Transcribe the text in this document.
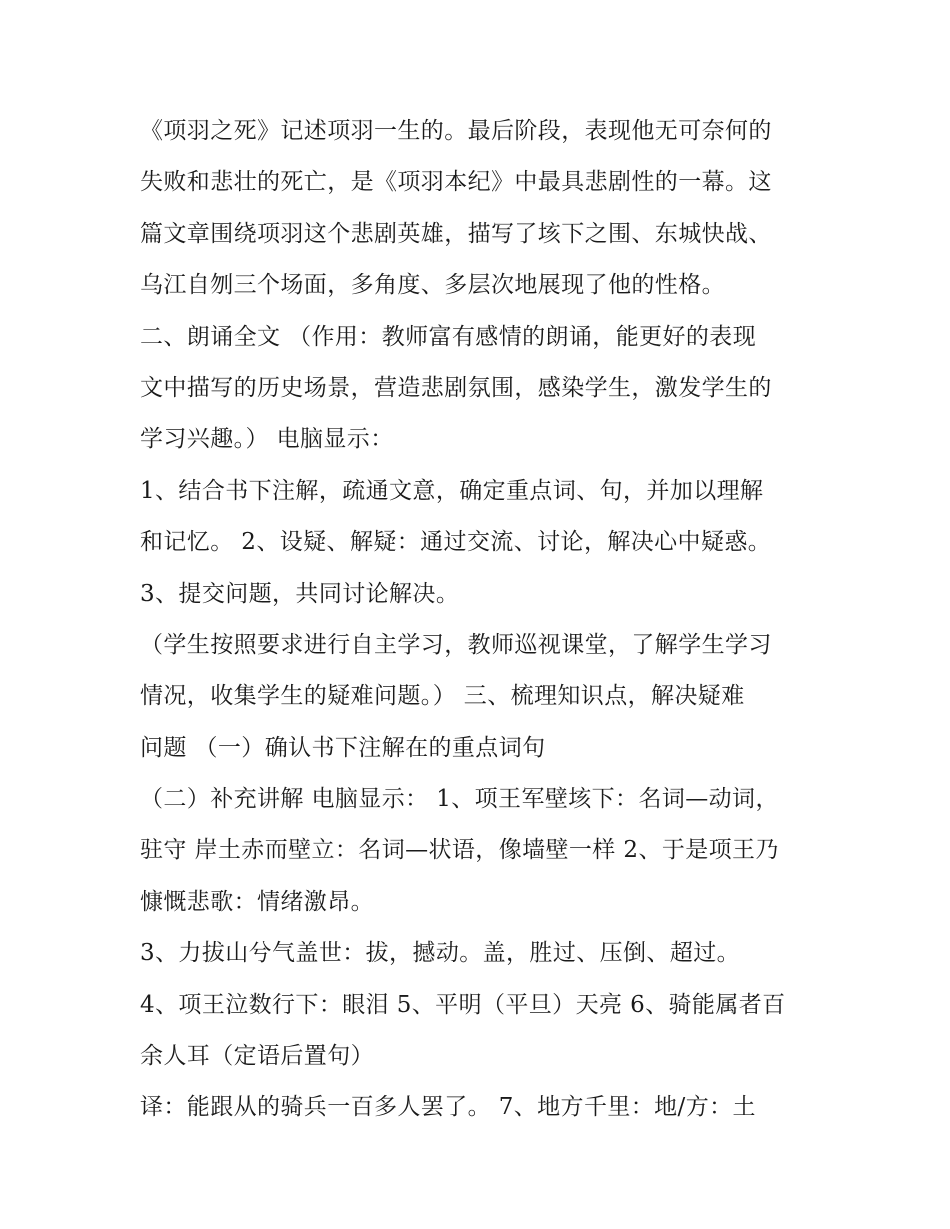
《项羽之死》记述项羽一生的。最后阶段，表现他无可奈何的
失败和悲壮的死亡，是《项羽本纪》中最具悲剧性的一幕。这
篇文章围绕项羽这个悲剧英雄，描写了垓下之围、东城快战、
乌江自刎三个场面，多角度、多层次地展现了他的性格。
二、朗诵全文 （作用：教师富有感情的朗诵，能更好的表现
文中描写的历史场景，营造悲剧氛围，感染学生，激发学生的
学习兴趣。） 电脑显示：
1、结合书下注解，疏通文意，确定重点词、句，并加以理解
和记忆。 2、设疑、解疑：通过交流、讨论，解决心中疑惑。
3、提交问题，共同讨论解决。
（学生按照要求进行自主学习，教师巡视课堂，了解学生学习
情况，收集学生的疑难问题。） 三、梳理知识点，解决疑难
问题 （一）确认书下注解在的重点词句
（二）补充讲解 电脑显示： 1、项王军壁垓下：名词—动词，
驻守 岸土赤而壁立：名词—状语，像墙壁一样 2、于是项王乃
慷慨悲歌：情绪激昂。
3、力拔山兮气盖世：拔，撼动。盖，胜过、压倒、超过。
4、项王泣数行下：眼泪 5、平明（平旦）天亮 6、骑能属者百
余人耳（定语后置句）
译：能跟从的骑兵一百多人罢了。 7、地方千里：地/方：土
